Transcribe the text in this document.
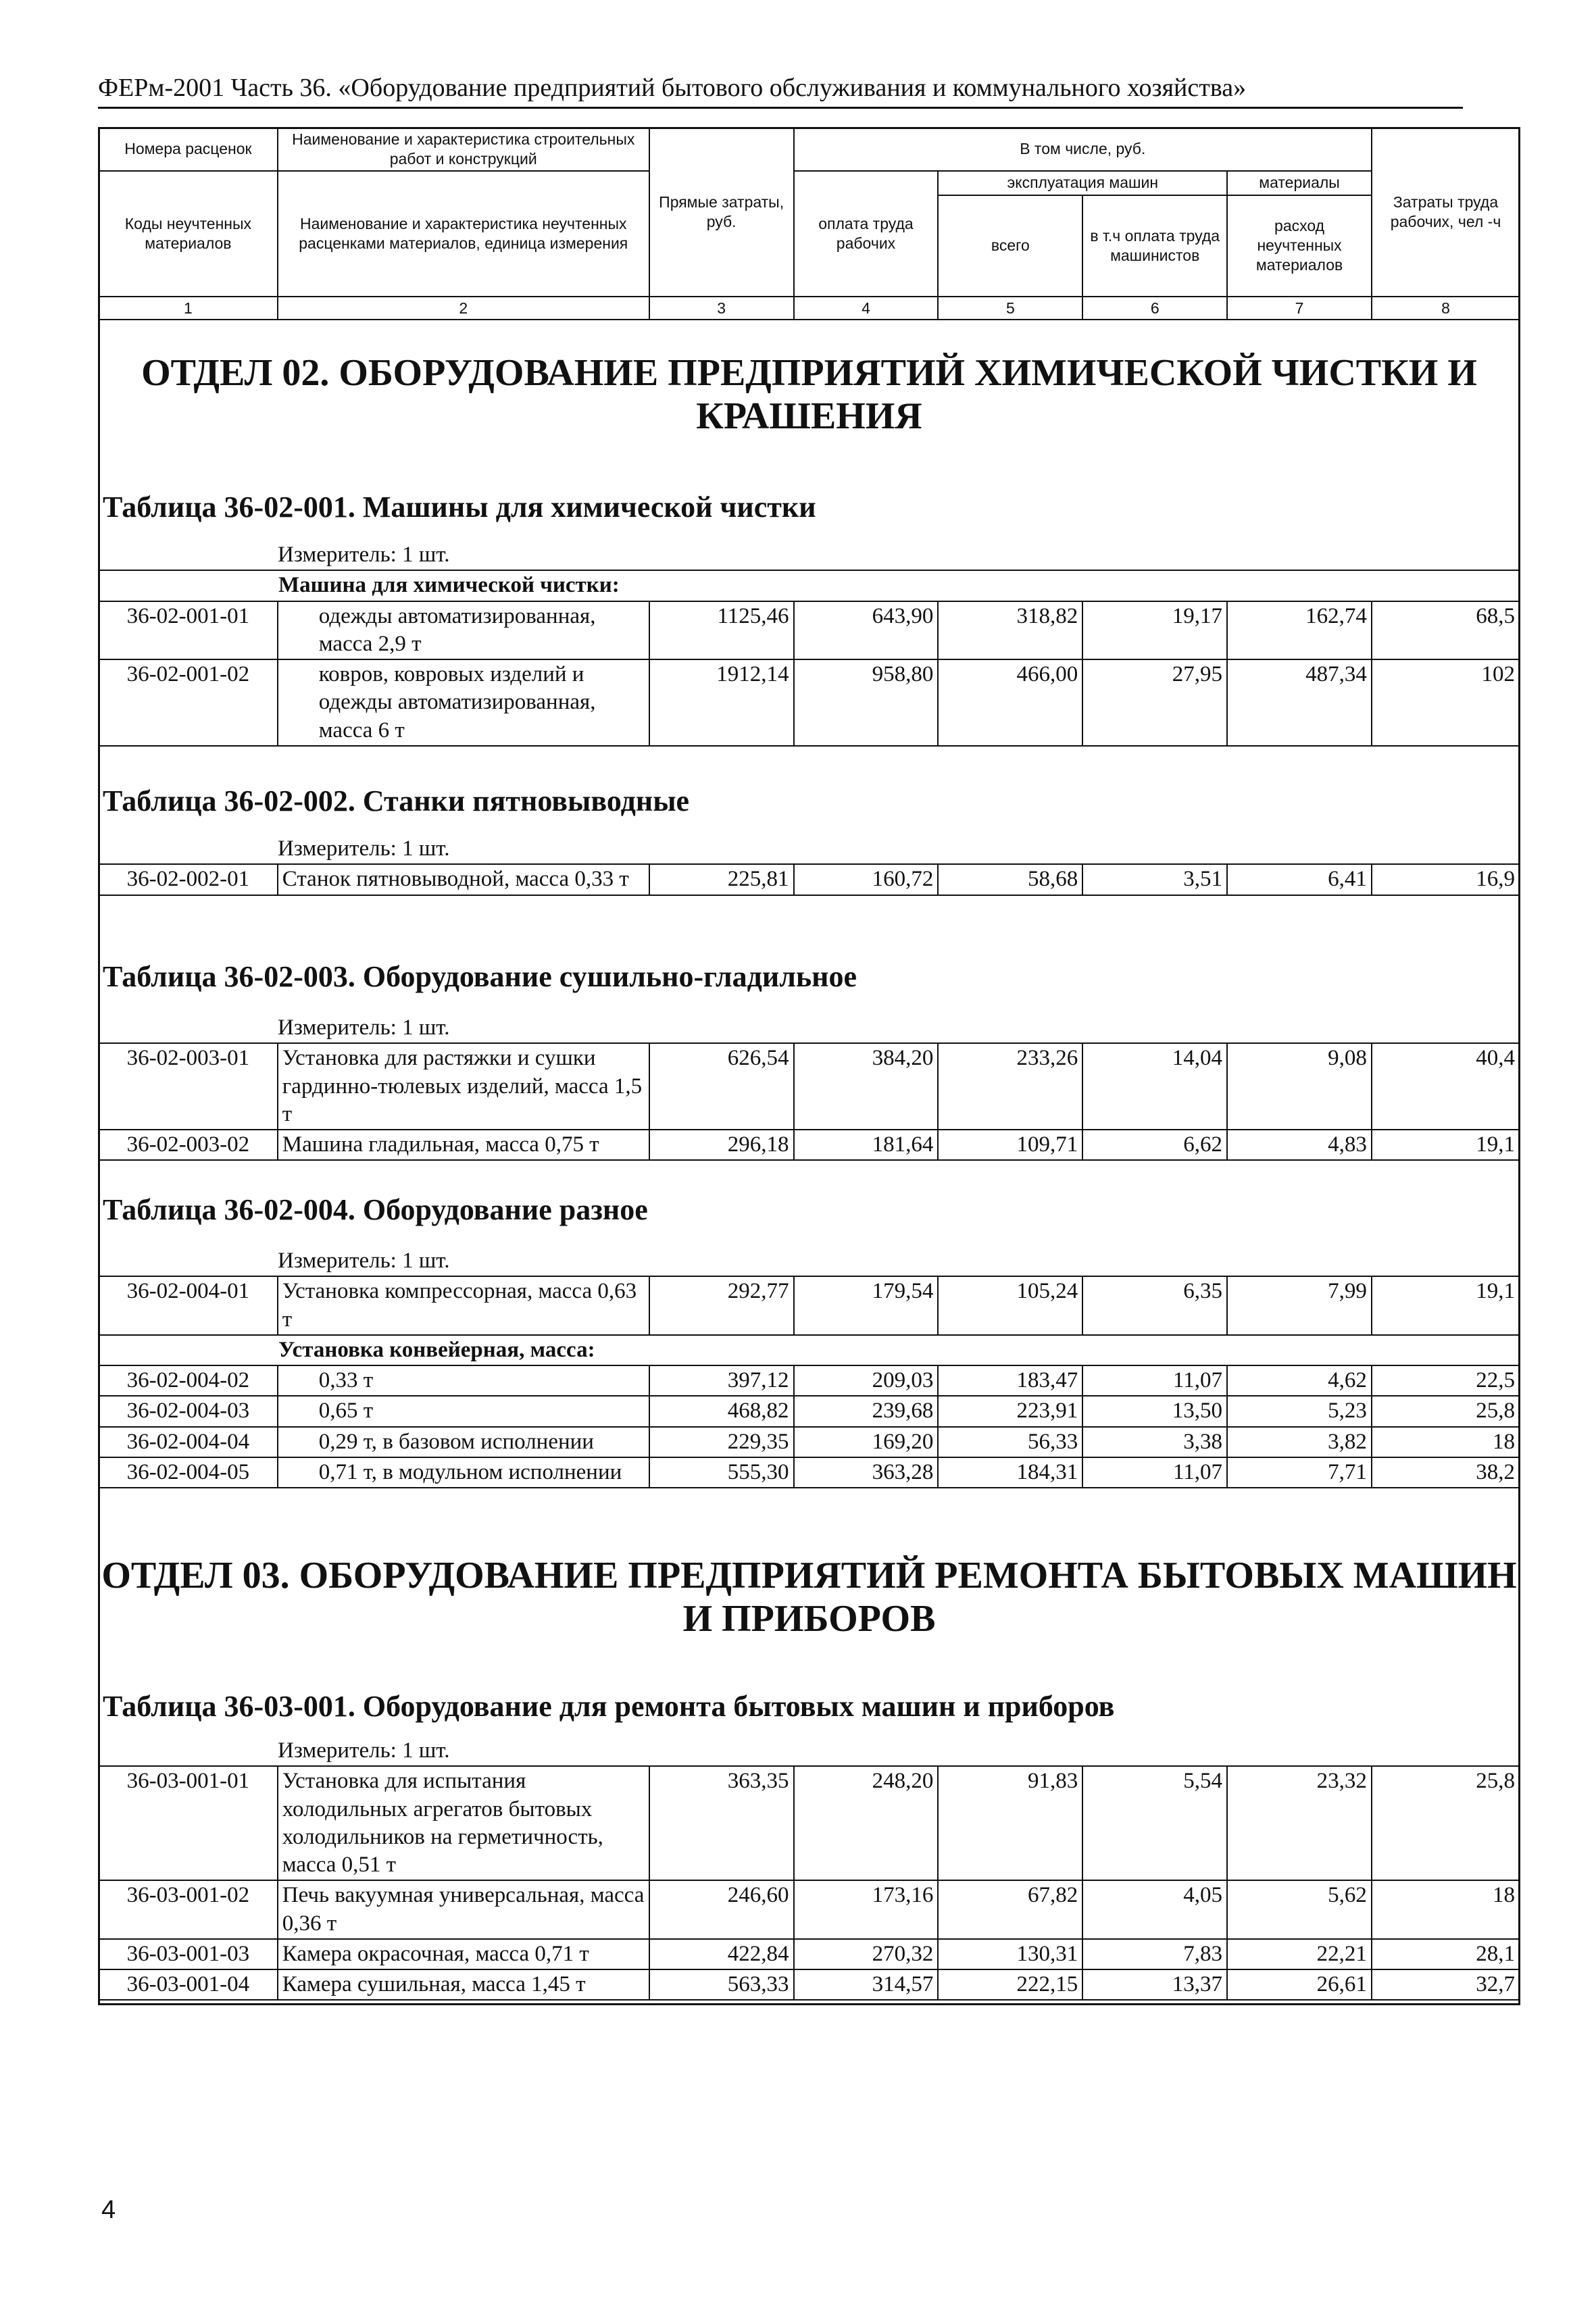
ФЕРм-2001 Часть 36. «Оборудование предприятий бытового обслуживания и коммунального хозяйства»
Номера расценок	Наименование и характеристика строительных работ и конструкций	Прямые затраты, руб.	В том числе, руб.				Затраты труда рабочих, чел -ч
Коды неучтенных материалов	Наименование и характеристика неучтенных расценками материалов, единица измерения		оплата труда рабочих	эксплуатация машин		материалы	
				всего	в т.ч оплата труда машинистов	расход неучтенных материалов	
1	2	3	4	5	6	7	8
ОТДЕЛ 02. ОБОРУДОВАНИЕ ПРЕДПРИЯТИЙ ХИМИЧЕСКОЙ ЧИСТКИ И КРАШЕНИЯ
Таблица 36-02-001. Машины для химической чистки
Измеритель: 1 шт.							
Машина для химической чистки:							
36-02-001-01	одежды автоматизированная, масса 2,9 т	1125,46	643,90	318,82	19,17	162,74	68,5
36-02-001-02	ковров, ковровых изделий и одежды автоматизированная, масса 6 т	1912,14	958,80	466,00	27,95	487,34	102
Таблица 36-02-002. Станки пятновыводные
Измеритель: 1 шт.
36-02-002-01	Станок пятновыводной, масса 0,33 т	225,81	160,72	58,68	3,51	6,41	16,9
Таблица 36-02-003. Оборудование сушильно-гладильное
Измеритель: 1 шт.							
36-02-003-01	Установка для растяжки и сушки гардинно-тюлевых изделий, масса 1,5 т	626,54	384,20	233,26	14,04	9,08	40,4
36-02-003-02	Машина гладильная, масса 0,75 т	296,18	181,64	109,71	6,62	4,83	19,1
Таблица 36-02-004. Оборудование разное
Измеритель: 1 шт.							
36-02-004-01	Установка компрессорная, масса 0,63 т	292,77	179,54	105,24	6,35	7,99	19,1
Установка конвейерная, масса:							
36-02-004-02	0,33 т	397,12	209,03	183,47	11,07	4,62	22,5
36-02-004-03	0,65 т	468,82	239,68	223,91	13,50	5,23	25,8
36-02-004-04	0,29 т, в базовом исполнении	229,35	169,20	56,33	3,38	3,82	18
36-02-004-05	0,71 т, в модульном исполнении	555,30	363,28	184,31	11,07	7,71	38,2
ОТДЕЛ 03. ОБОРУДОВАНИЕ ПРЕДПРИЯТИЙ РЕМОНТА БЫТОВЫХ МАШИН И ПРИБОРОВ
Таблица 36-03-001. Оборудование для ремонта бытовых машин и приборов
Измеритель: 1 шт.							
36-03-001-01	Установка для испытания холодильных агрегатов бытовых холодильников на герметичность, масса 0,51 т	363,35	248,20	91,83	5,54	23,32	25,8
36-03-001-02	Печь вакуумная универсальная, масса 0,36 т	246,60	173,16	67,82	4,05	5,62	18
36-03-001-03	Камера окрасочная, масса 0,71 т	422,84	270,32	130,31	7,83	22,21	28,1
36-03-001-04	Камера сушильная, масса 1,45 т	563,33	314,57	222,15	13,37	26,61	32,7
4
